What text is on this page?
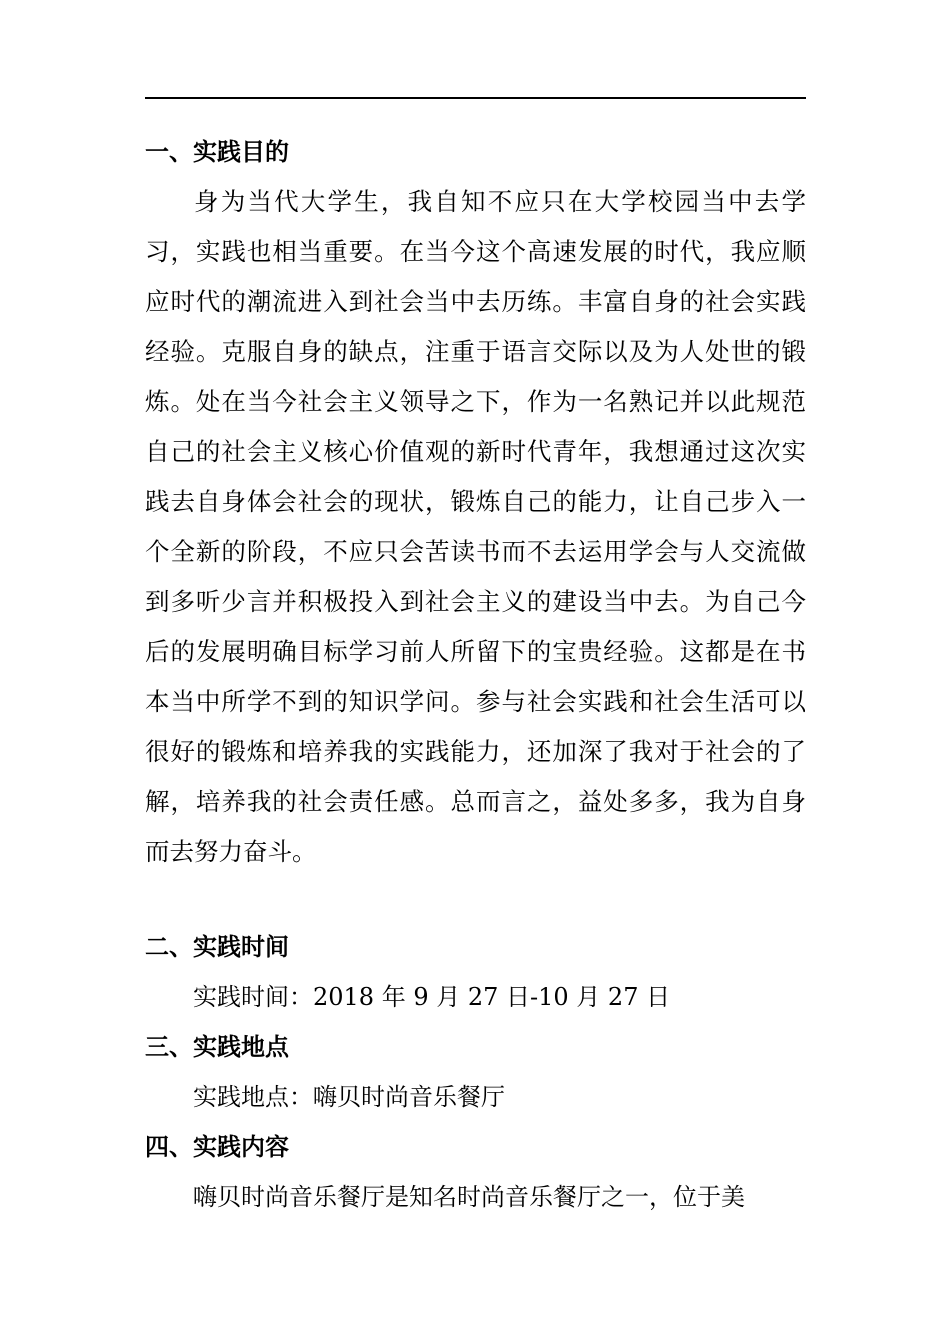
一、实践目的

身为当代大学生，我自知不应只在大学校园当中去学习，实践也相当重要。在当今这个高速发展的时代，我应顺应时代的潮流进入到社会当中去历练。丰富自身的社会实践经验。克服自身的缺点，注重于语言交际以及为人处世的锻炼。处在当今社会主义领导之下，作为一名熟记并以此规范自己的社会主义核心价值观的新时代青年，我想通过这次实践去自身体会社会的现状，锻炼自己的能力，让自己步入一个全新的阶段，不应只会苦读书而不去运用学会与人交流做到多听少言并积极投入到社会主义的建设当中去。为自己今后的发展明确目标学习前人所留下的宝贵经验。这都是在书本当中所学不到的知识学问。参与社会实践和社会生活可以很好的锻炼和培养我的实践能力，还加深了我对于社会的了解，培养我的社会责任感。总而言之，益处多多，我为自身而去努力奋斗。

二、实践时间

实践时间：2018 年 9 月 27 日-10 月 27 日

三、实践地点

实践地点：嗨贝时尚音乐餐厅

四、实践内容

嗨贝时尚音乐餐厅是知名时尚音乐餐厅之一，位于美
